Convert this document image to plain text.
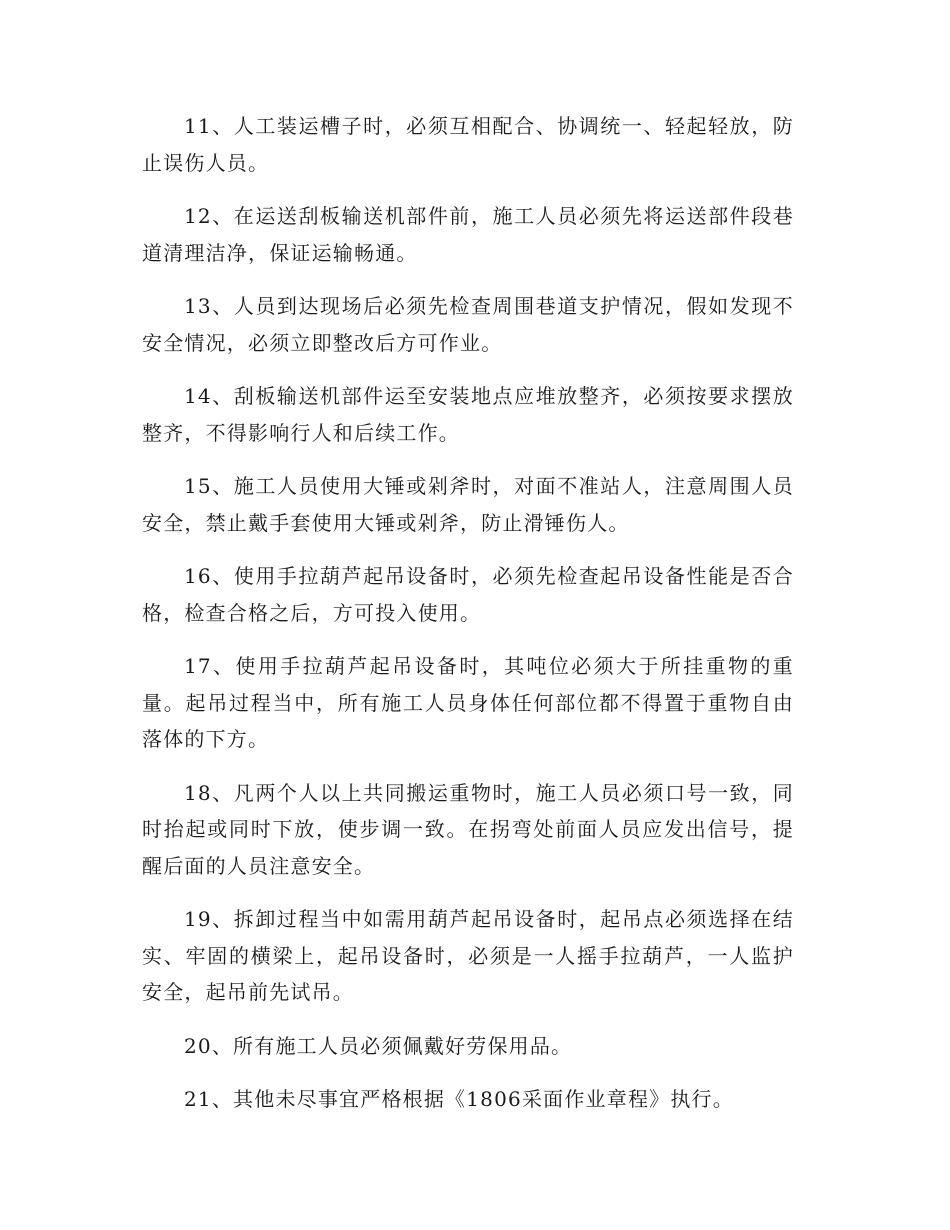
11、人工装运槽子时，必须互相配合、协调统一、轻起轻放，防止误伤人员。

12、在运送刮板输送机部件前，施工人员必须先将运送部件段巷道清理洁净，保证运输畅通。

13、人员到达现场后必须先检查周围巷道支护情况，假如发现不安全情况，必须立即整改后方可作业。

14、刮板输送机部件运至安装地点应堆放整齐，必须按要求摆放整齐，不得影响行人和后续工作。

15、施工人员使用大锤或剁斧时，对面不准站人，注意周围人员安全，禁止戴手套使用大锤或剁斧，防止滑锤伤人。

16、使用手拉葫芦起吊设备时，必须先检查起吊设备性能是否合格，检查合格之后，方可投入使用。

17、使用手拉葫芦起吊设备时，其吨位必须大于所挂重物的重量。起吊过程当中，所有施工人员身体任何部位都不得置于重物自由落体的下方。

18、凡两个人以上共同搬运重物时，施工人员必须口号一致，同时抬起或同时下放，使步调一致。在拐弯处前面人员应发出信号，提醒后面的人员注意安全。

19、拆卸过程当中如需用葫芦起吊设备时，起吊点必须选择在结实、牢固的横梁上，起吊设备时，必须是一人摇手拉葫芦，一人监护安全，起吊前先试吊。

20、所有施工人员必须佩戴好劳保用品。

21、其他未尽事宜严格根据《1806采面作业章程》执行。
